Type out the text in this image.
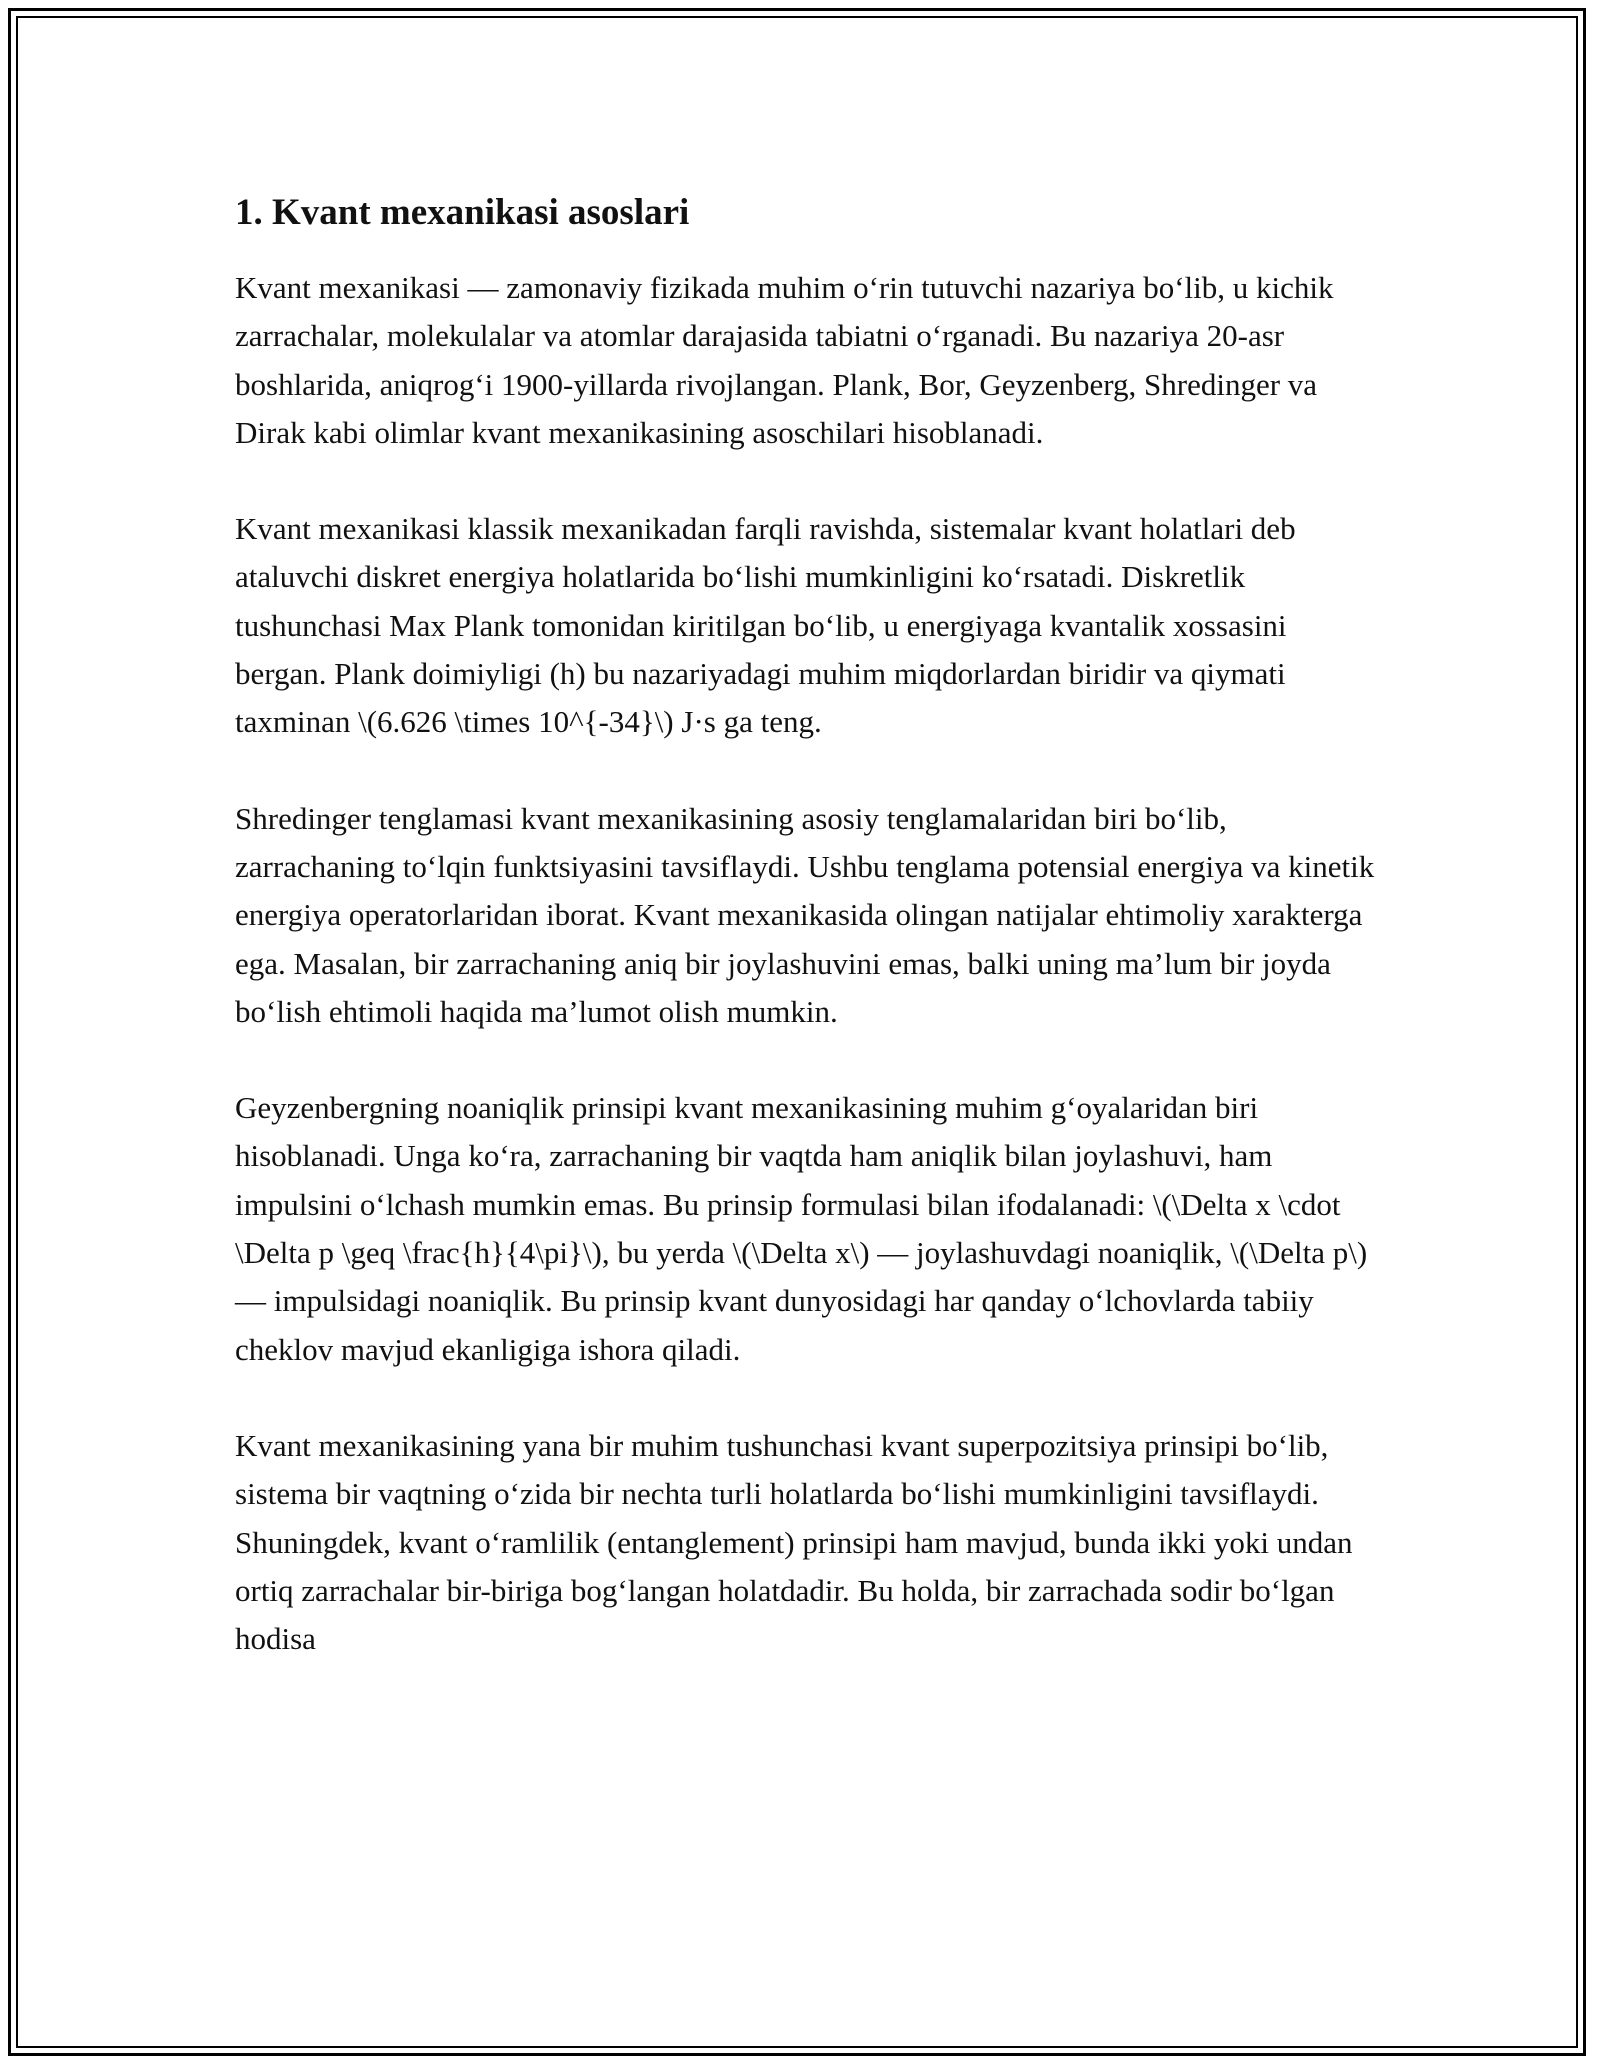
1. Kvant mexanikasi asoslari

Kvant mexanikasi — zamonaviy fizikada muhim oʻrin tutuvchi nazariya boʻlib, u kichik zarrachalar, molekulalar va atomlar darajasida tabiatni oʻrganadi. Bu nazariya 20-asr boshlarida, aniqrogʻi 1900-yillarda rivojlangan. Plank, Bor, Geyzenberg, Shredinger va Dirak kabi olimlar kvant mexanikasining asoschilari hisoblanadi.

Kvant mexanikasi klassik mexanikadan farqli ravishda, sistemalar kvant holatlari deb ataluvchi diskret energiya holatlarida boʻlishi mumkinligini koʻrsatadi. Diskretlik tushunchasi Max Plank tomonidan kiritilgan boʻlib, u energiyaga kvantalik xossasini bergan. Plank doimiyligi (h) bu nazariyadagi muhim miqdorlardan biridir va qiymati taxminan \(6.626 \times 10^{-34}\) J·s ga teng.

Shredinger tenglamasi kvant mexanikasining asosiy tenglamalaridan biri boʻlib, zarrachaning toʻlqin funktsiyasini tavsiflaydi. Ushbu tenglama potensial energiya va kinetik energiya operatorlaridan iborat. Kvant mexanikasida olingan natijalar ehtimoliy xarakterga ega. Masalan, bir zarrachaning aniq bir joylashuvini emas, balki uning ma’lum bir joyda boʻlish ehtimoli haqida ma’lumot olish mumkin.

Geyzenbergning noaniqlik prinsipi kvant mexanikasining muhim gʻoyalaridan biri hisoblanadi. Unga koʻra, zarrachaning bir vaqtda ham aniqlik bilan joylashuvi, ham impulsini oʻlchash mumkin emas. Bu prinsip formulasi bilan ifodalanadi: \(\Delta x \cdot \Delta p \geq \frac{h}{4\pi}\), bu yerda \(\Delta x\) — joylashuvdagi noaniqlik, \(\Delta p\) — impulsidagi noaniqlik. Bu prinsip kvant dunyosidagi har qanday oʻlchovlarda tabiiy cheklov mavjud ekanligiga ishora qiladi.

Kvant mexanikasining yana bir muhim tushunchasi kvant superpozitsiya prinsipi boʻlib, sistema bir vaqtning oʻzida bir nechta turli holatlarda boʻlishi mumkinligini tavsiflaydi. Shuningdek, kvant oʻramlilik (entanglement) prinsipi ham mavjud, bunda ikki yoki undan ortiq zarrachalar bir-biriga bogʻlangan holatdadir. Bu holda, bir zarrachada sodir boʻlgan hodisa
